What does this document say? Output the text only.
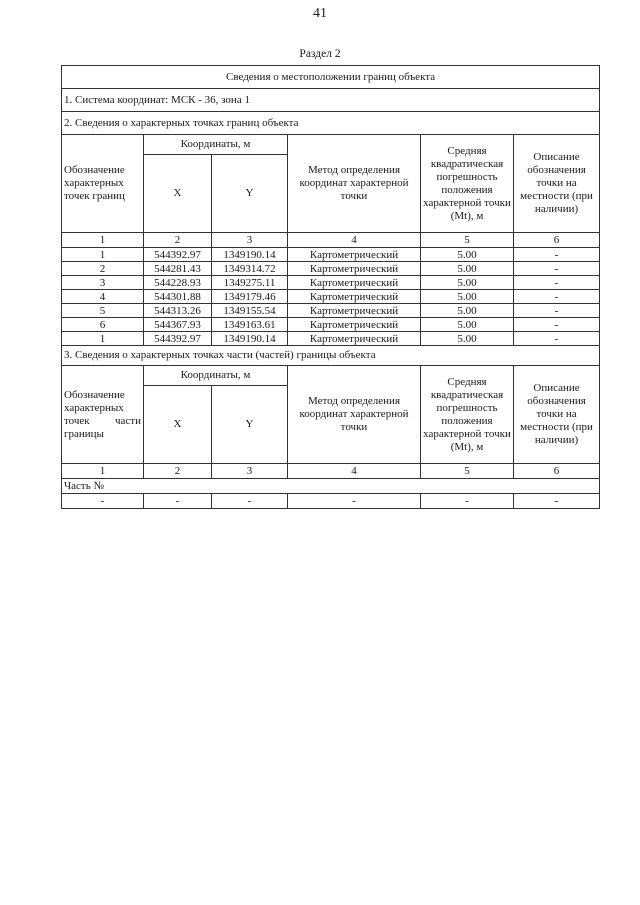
41
Раздел 2
Сведения о местоположении границ объекта					
1. Система координат: МСК - 36, зона 1					
2. Сведения о характерных точках границ объекта					
Обозначение характерных точек границ	Координаты, м		Метод определения координат характерной точки	Средняя квадратическая погрешность положения характерной точки (Mt), м	Описание обозначения точки на местности (при наличии)
	X	Y			
1	2	3	4	5	6
1	544392.97	1349190.14	Картометрический	5.00	-
2	544281.43	1349314.72	Картометрический	5.00	-
3	544228.93	1349275.11	Картометрический	5.00	-
4	544301.88	1349179.46	Картометрический	5.00	-
5	544313.26	1349155.54	Картометрический	5.00	-
6	544367.93	1349163.61	Картометрический	5.00	-
1	544392.97	1349190.14	Картометрический	5.00	-
3. Сведения о характерных точках части (частей) границы объекта					
Обозначение характерных точек части границы	Координаты, м		Метод определения координат характерной точки	Средняя квадратическая погрешность положения характерной точки (Mt), м	Описание обозначения точки на местности (при наличии)
	X	Y			
1	2	3	4	5	6
Часть №					
-	-	-	-	-	-
